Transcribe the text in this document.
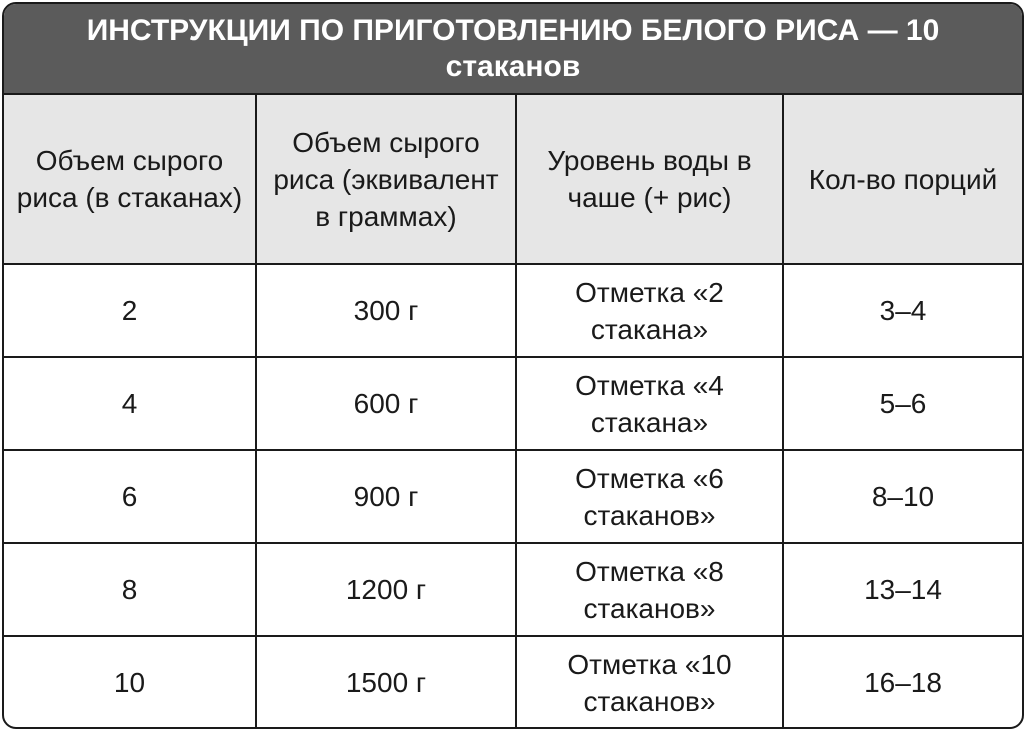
ИНСТРУКЦИИ ПО ПРИГОТОВЛЕНИЮ БЕЛОГО РИСА — 10 стаканов
Объем сырого риса (в стаканах)	Объем сырого риса (эквивалент в граммах)	Уровень воды в чаше (+ рис)	Кол-во порций
2	300 г	Отметка «2 стакана»	3–4
4	600 г	Отметка «4 стакана»	5–6
6	900 г	Отметка «6 стаканов»	8–10
8	1200 г	Отметка «8 стаканов»	13–14
10	1500 г	Отметка «10 стаканов»	16–18
